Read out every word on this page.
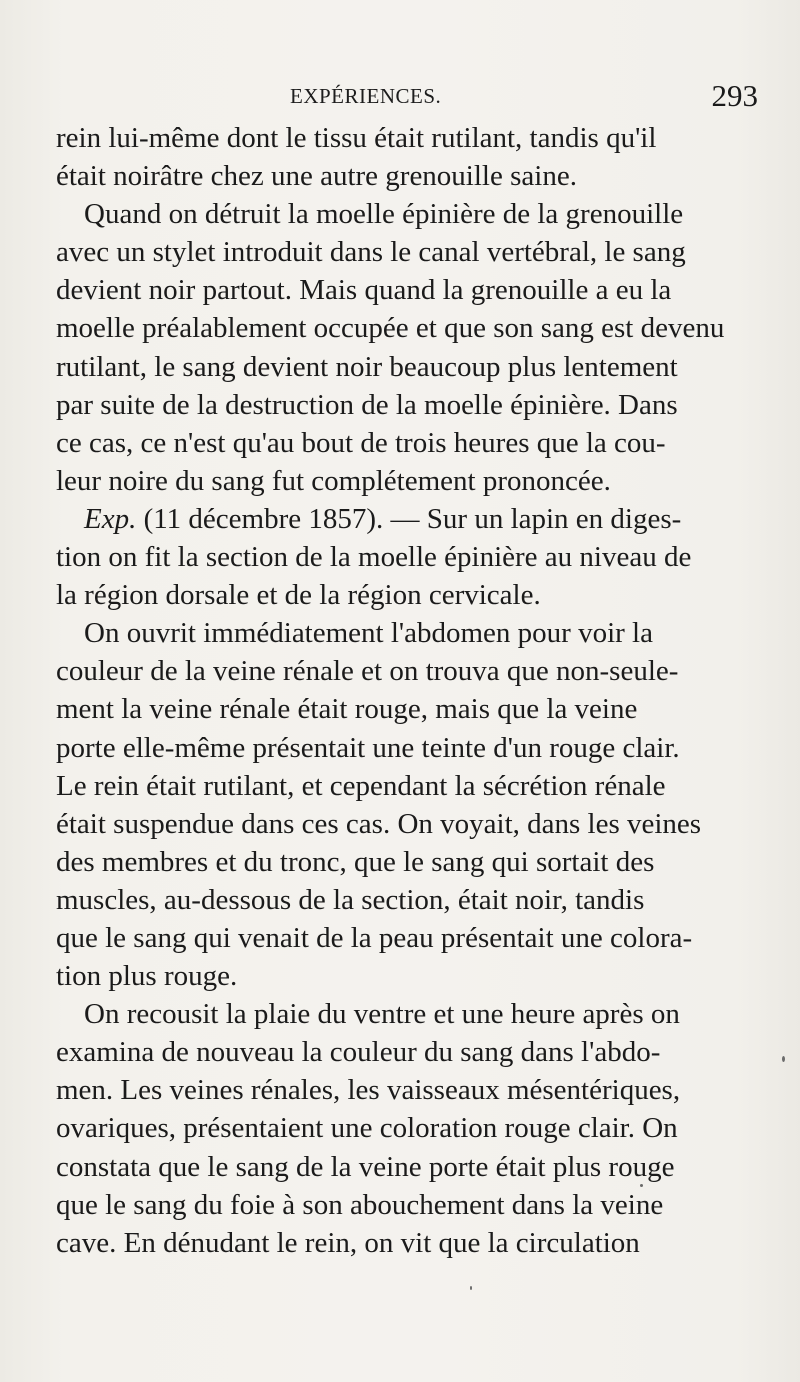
EXPÉRIENCES.	293
rein lui-même dont le tissu était rutilant, tandis qu'il
était noirâtre chez une autre grenouille saine.
Quand on détruit la moelle épinière de la grenouille
avec un stylet introduit dans le canal vertébral, le sang
devient noir partout. Mais quand la grenouille a eu la
moelle préalablement occupée et que son sang est devenu
rutilant, le sang devient noir beaucoup plus lentement
par suite de la destruction de la moelle épinière. Dans
ce cas, ce n'est qu'au bout de trois heures que la cou-
leur noire du sang fut complétement prononcée.
Exp. (11 décembre 1857). — Sur un lapin en diges-
tion on fit la section de la moelle épinière au niveau de
la région dorsale et de la région cervicale.
On ouvrit immédiatement l'abdomen pour voir la
couleur de la veine rénale et on trouva que non-seule-
ment la veine rénale était rouge, mais que la veine
porte elle-même présentait une teinte d'un rouge clair.
Le rein était rutilant, et cependant la sécrétion rénale
était suspendue dans ces cas. On voyait, dans les veines
des membres et du tronc, que le sang qui sortait des
muscles, au-dessous de la section, était noir, tandis
que le sang qui venait de la peau présentait une colora-
tion plus rouge.
On recousit la plaie du ventre et une heure après on
examina de nouveau la couleur du sang dans l'abdo-
men. Les veines rénales, les vaisseaux mésentériques,
ovariques, présentaient une coloration rouge clair. On
constata que le sang de la veine porte était plus rouge
que le sang du foie à son abouchement dans la veine
cave. En dénudant le rein, on vit que la circulation
